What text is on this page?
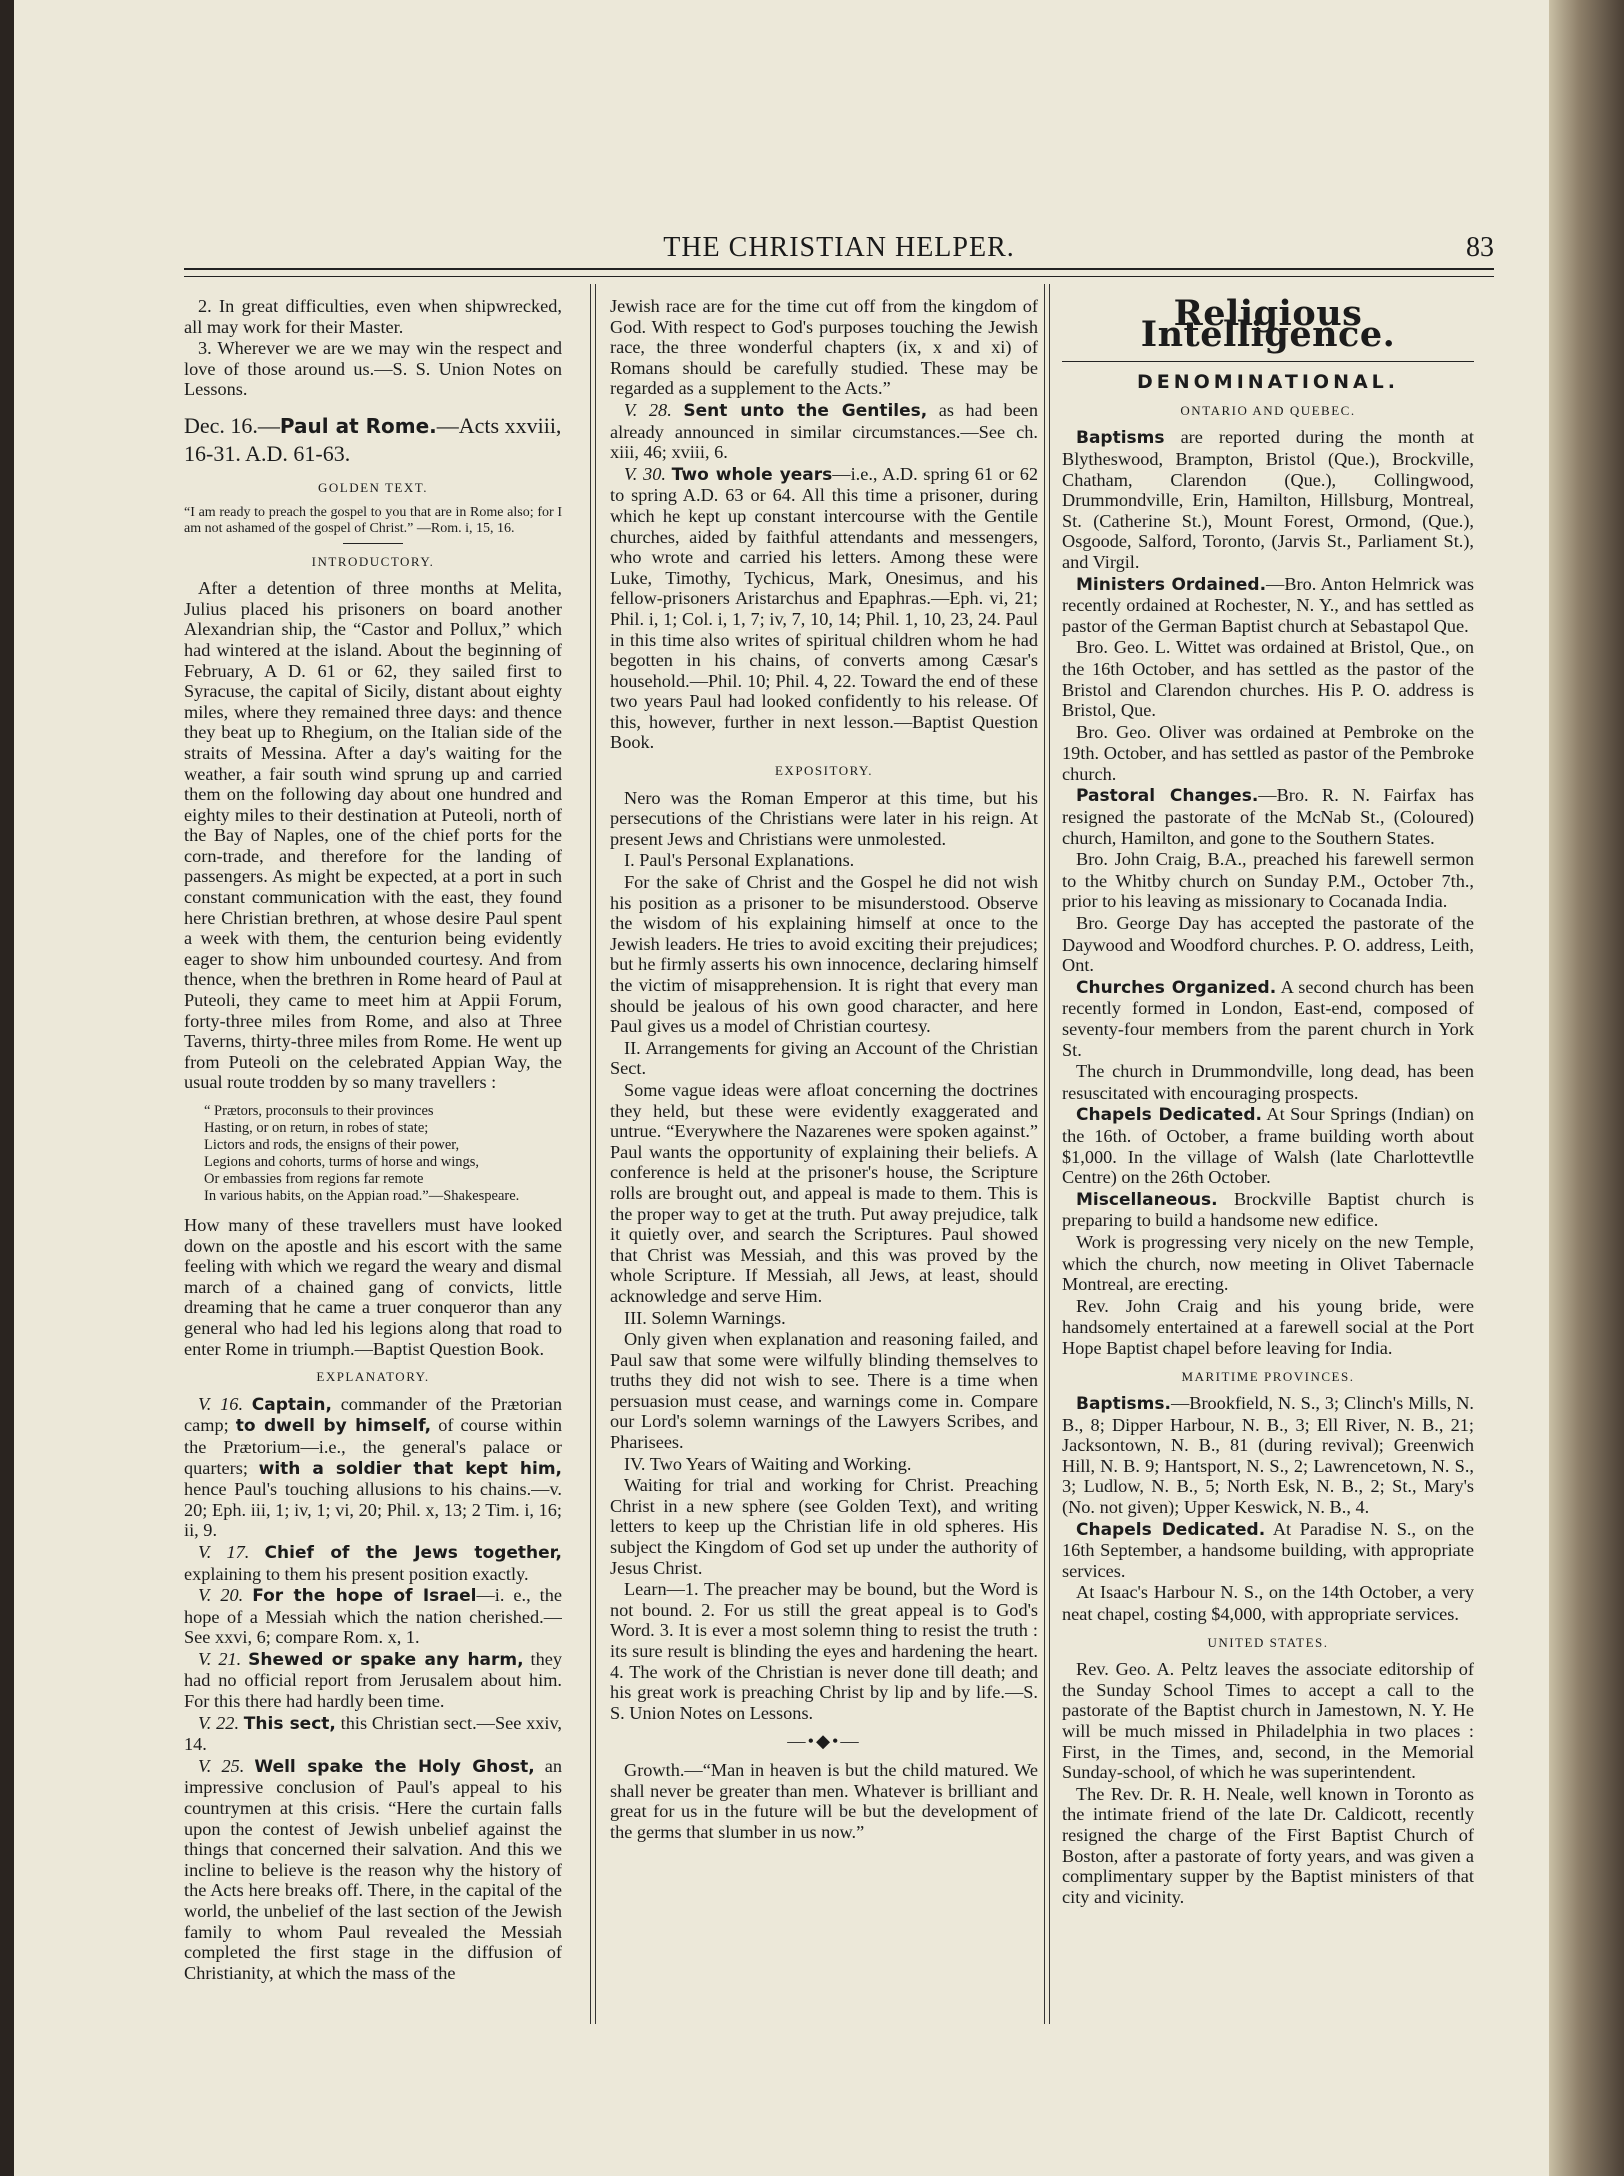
THE CHRISTIAN HELPER.	83

2. In great difficulties, even when shipwrecked, all may work for their Master.

3. Wherever we are we may win the respect and love of those around us.—S. S. Union Notes on Lessons.

Dec. 16.—Paul at Rome.—Acts xxviii, 16-31. A.D. 61-63.

GOLDEN TEXT.

“I am ready to preach the gospel to you that are in Rome also; for I am not ashamed of the gospel of Christ.” —Rom. i, 15, 16.

INTRODUCTORY.

After a detention of three months at Melita, Julius placed his prisoners on board another Alexandrian ship, the “Castor and Pollux,” which had wintered at the island. About the beginning of February, A D. 61 or 62, they sailed first to Syracuse, the capital of Sicily, distant about eighty miles, where they remained three days: and thence they beat up to Rhegium, on the Italian side of the straits of Messina. After a day's waiting for the weather, a fair south wind sprung up and carried them on the following day about one hundred and eighty miles to their destination at Puteoli, north of the Bay of Naples, one of the chief ports for the corn-trade, and therefore for the landing of passengers. As might be expected, at a port in such constant communication with the east, they found here Christian brethren, at whose desire Paul spent a week with them, the centurion being evidently eager to show him unbounded courtesy. And from thence, when the brethren in Rome heard of Paul at Puteoli, they came to meet him at Appii Forum, forty-three miles from Rome, and also at Three Taverns, thirty-three miles from Rome. He went up from Puteoli on the celebrated Appian Way, the usual route trodden by so many travellers :

“ Prætors, proconsuls to their provinces
Hasting, or on return, in robes of state;
Lictors and rods, the ensigns of their power,
Legions and cohorts, turms of horse and wings,
Or embassies from regions far remote
In various habits, on the Appian road.”—Shakespeare.

How many of these travellers must have looked down on the apostle and his escort with the same feeling with which we regard the weary and dismal march of a chained gang of convicts, little dreaming that he came a truer conqueror than any general who had led his legions along that road to enter Rome in triumph.—Baptist Question Book.

EXPLANATORY.

V. 16. Captain, commander of the Prætorian camp; to dwell by himself, of course within the Prætorium—i.e., the general's palace or quarters; with a soldier that kept him, hence Paul's touching allusions to his chains.—v. 20; Eph. iii, 1; iv, 1; vi, 20; Phil. x, 13; 2 Tim. i, 16; ii, 9.

V. 17. Chief of the Jews together, explaining to them his present position exactly.

V. 20. For the hope of Israel—i. e., the hope of a Messiah which the nation cherished.—See xxvi, 6; compare Rom. x, 1.

V. 21. Shewed or spake any harm, they had no official report from Jerusalem about him. For this there had hardly been time.

V. 22. This sect, this Christian sect.—See xxiv, 14.

V. 25. Well spake the Holy Ghost, an impressive conclusion of Paul's appeal to his countrymen at this crisis. “Here the curtain falls upon the contest of Jewish unbelief against the things that concerned their salvation. And this we incline to believe is the reason why the history of the Acts here breaks off. There, in the capital of the world, the unbelief of the last section of the Jewish family to whom Paul revealed the Messiah completed the first stage in the diffusion of Christianity, at which the mass of the

Jewish race are for the time cut off from the kingdom of God. With respect to God's purposes touching the Jewish race, the three wonderful chapters (ix, x and xi) of Romans should be carefully studied. These may be regarded as a supplement to the Acts.”

V. 28. Sent unto the Gentiles, as had been already announced in similar circumstances.—See ch. xiii, 46; xviii, 6.

V. 30. Two whole years—i.e., A.D. spring 61 or 62 to spring A.D. 63 or 64. All this time a prisoner, during which he kept up constant intercourse with the Gentile churches, aided by faithful attendants and messengers, who wrote and carried his letters. Among these were Luke, Timothy, Tychicus, Mark, Onesimus, and his fellow-prisoners Aristarchus and Epaphras.—Eph. vi, 21; Phil. i, 1; Col. i, 1, 7; iv, 7, 10, 14; Phil. 1, 10, 23, 24. Paul in this time also writes of spiritual children whom he had begotten in his chains, of converts among Cæsar's household.—Phil. 10; Phil. 4, 22. Toward the end of these two years Paul had looked confidently to his release. Of this, however, further in next lesson.—Baptist Question Book.

EXPOSITORY.

Nero was the Roman Emperor at this time, but his persecutions of the Christians were later in his reign. At present Jews and Christians were unmolested.

I. Paul's Personal Explanations.

For the sake of Christ and the Gospel he did not wish his position as a prisoner to be misunderstood. Observe the wisdom of his explaining himself at once to the Jewish leaders. He tries to avoid exciting their prejudices; but he firmly asserts his own innocence, declaring himself the victim of misapprehension. It is right that every man should be jealous of his own good character, and here Paul gives us a model of Christian courtesy.

II. Arrangements for giving an Account of the Christian Sect.

Some vague ideas were afloat concerning the doctrines they held, but these were evidently exaggerated and untrue. “Everywhere the Nazarenes were spoken against.” Paul wants the opportunity of explaining their beliefs. A conference is held at the prisoner's house, the Scripture rolls are brought out, and appeal is made to them. This is the proper way to get at the truth. Put away prejudice, talk it quietly over, and search the Scriptures. Paul showed that Christ was Messiah, and this was proved by the whole Scripture. If Messiah, all Jews, at least, should acknowledge and serve Him.

III. Solemn Warnings.

Only given when explanation and reasoning failed, and Paul saw that some were wilfully blinding themselves to truths they did not wish to see. There is a time when persuasion must cease, and warnings come in. Compare our Lord's solemn warnings of the Lawyers Scribes, and Pharisees.

IV. Two Years of Waiting and Working.

Waiting for trial and working for Christ. Preaching Christ in a new sphere (see Golden Text), and writing letters to keep up the Christian life in old spheres. His subject the Kingdom of God set up under the authority of Jesus Christ.

Learn—1. The preacher may be bound, but the Word is not bound. 2. For us still the great appeal is to God's Word. 3. It is ever a most solemn thing to resist the truth : its sure result is blinding the eyes and hardening the heart. 4. The work of the Christian is never done till death; and his great work is preaching Christ by lip and by life.—S. S. Union Notes on Lessons.

—•◆•—

Growth.—“Man in heaven is but the child matured. We shall never be greater than men. Whatever is brilliant and great for us in the future will be but the development of the germs that slumber in us now.”

Religious Intelligence.

DENOMINATIONAL.

ONTARIO AND QUEBEC.

Baptisms are reported during the month at Blytheswood, Brampton, Bristol (Que.), Brockville, Chatham, Clarendon (Que.), Collingwood, Drummondville, Erin, Hamilton, Hillsburg, Montreal, St. (Catherine St.), Mount Forest, Ormond, (Que.), Osgoode, Salford, Toronto, (Jarvis St., Parliament St.), and Virgil.

Ministers Ordained.—Bro. Anton Helmrick was recently ordained at Rochester, N. Y., and has settled as pastor of the German Baptist church at Sebastapol Que.

Bro. Geo. L. Wittet was ordained at Bristol, Que., on the 16th October, and has settled as the pastor of the Bristol and Clarendon churches. His P. O. address is Bristol, Que.

Bro. Geo. Oliver was ordained at Pembroke on the 19th. October, and has settled as pastor of the Pembroke church.

Pastoral Changes.—Bro. R. N. Fairfax has resigned the pastorate of the McNab St., (Coloured) church, Hamilton, and gone to the Southern States.

Bro. John Craig, B.A., preached his farewell sermon to the Whitby church on Sunday P.M., October 7th., prior to his leaving as missionary to Cocanada India.

Bro. George Day has accepted the pastorate of the Daywood and Woodford churches. P. O. address, Leith, Ont.

Churches Organized. A second church has been recently formed in London, East-end, composed of seventy-four members from the parent church in York St.

The church in Drummondville, long dead, has been resuscitated with encouraging prospects.

Chapels Dedicated. At Sour Springs (Indian) on the 16th. of October, a frame building worth about $1,000. In the village of Walsh (late Charlottevtlle Centre) on the 26th October.

Miscellaneous. Brockville Baptist church is preparing to build a handsome new edifice.

Work is progressing very nicely on the new Temple, which the church, now meeting in Olivet Tabernacle Montreal, are erecting.

Rev. John Craig and his young bride, were handsomely entertained at a farewell social at the Port Hope Baptist chapel before leaving for India.

MARITIME PROVINCES.

Baptisms.—Brookfield, N. S., 3; Clinch's Mills, N. B., 8; Dipper Harbour, N. B., 3; Ell River, N. B., 21; Jacksontown, N. B., 81 (during revival); Greenwich Hill, N. B. 9; Hantsport, N. S., 2; Lawrencetown, N. S., 3; Ludlow, N. B., 5; North Esk, N. B., 2; St., Mary's (No. not given); Upper Keswick, N. B., 4.

Chapels Dedicated. At Paradise N. S., on the 16th September, a handsome building, with appropriate services.

At Isaac's Harbour N. S., on the 14th October, a very neat chapel, costing $4,000, with appropriate services.

UNITED STATES.

Rev. Geo. A. Peltz leaves the associate editorship of the Sunday School Times to accept a call to the pastorate of the Baptist church in Jamestown, N. Y. He will be much missed in Philadelphia in two places : First, in the Times, and, second, in the Memorial Sunday-school, of which he was superintendent.

The Rev. Dr. R. H. Neale, well known in Toronto as the intimate friend of the late Dr. Caldicott, recently resigned the charge of the First Baptist Church of Boston, after a pastorate of forty years, and was given a complimentary supper by the Baptist ministers of that city and vicinity.
